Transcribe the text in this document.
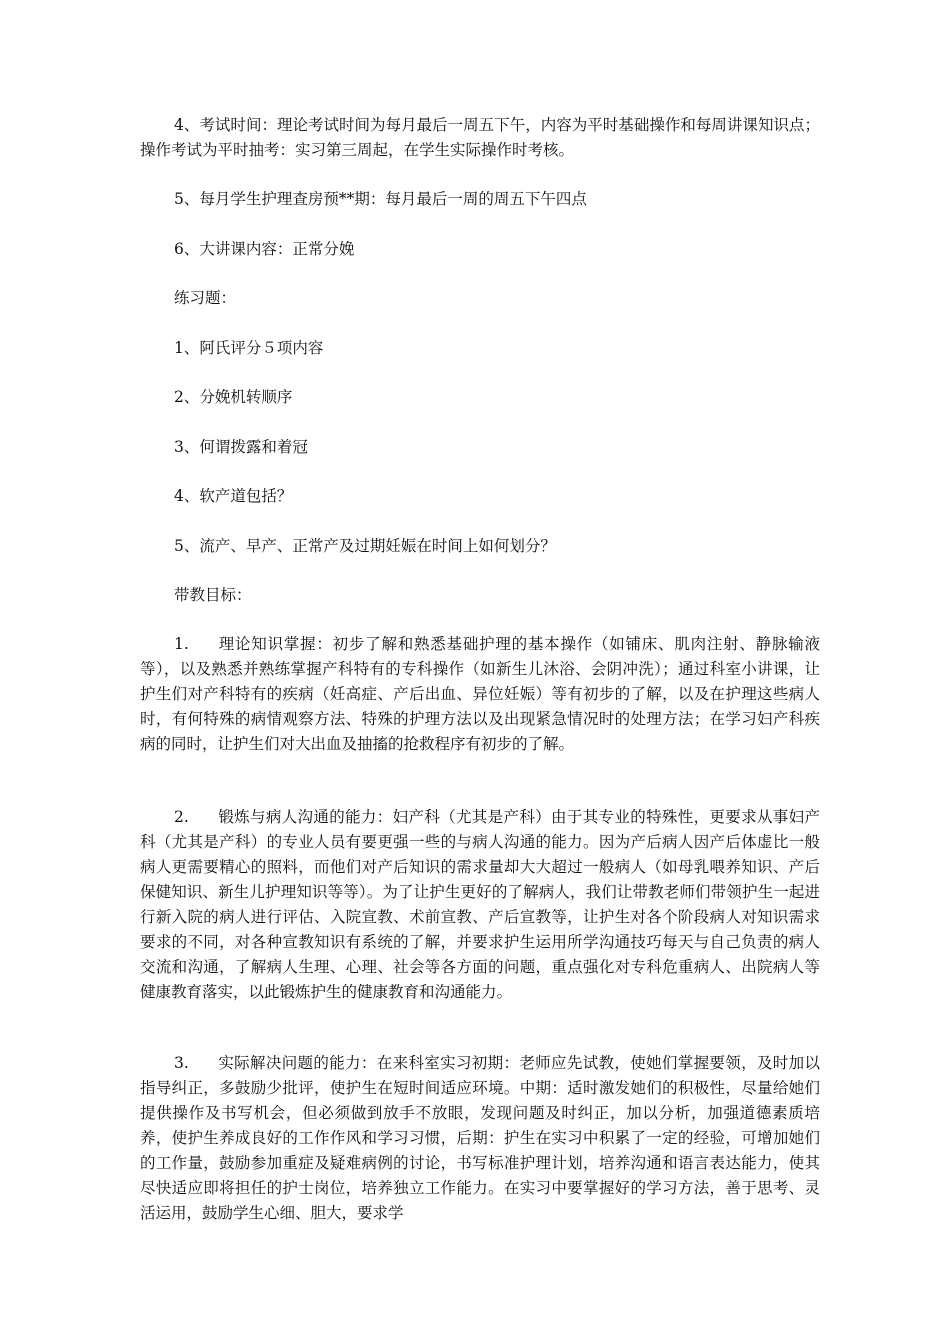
4、考试时间：理论考试时间为每月最后一周五下午，内容为平时基础操作和每周讲课知识点；操作考试为平时抽考：实习第三周起，在学生实际操作时考核。

5、每月学生护理查房预**期：每月最后一周的周五下午四点

6、大讲课内容：正常分娩

练习题：

1、阿氏评分５项内容

2、分娩机转顺序

3、何谓拨露和着冠

4、软产道包括？

5、流产、早产、正常产及过期妊娠在时间上如何划分？

带教目标：

1. 理论知识掌握：初步了解和熟悉基础护理的基本操作（如铺床、肌肉注射、静脉输液等），以及熟悉并熟练掌握产科特有的专科操作（如新生儿沐浴、会阴冲洗）；通过科室小讲课，让护生们对产科特有的疾病（妊高症、产后出血、异位妊娠）等有初步的了解，以及在护理这些病人时，有何特殊的病情观察方法、特殊的护理方法以及出现紧急情况时的处理方法；在学习妇产科疾病的同时，让护生们对大出血及抽搐的抢救程序有初步的了解。

2. 锻炼与病人沟通的能力：妇产科（尤其是产科）由于其专业的特殊性，更要求从事妇产科（尤其是产科）的专业人员有要更强一些的与病人沟通的能力。因为产后病人因产后体虚比一般病人更需要精心的照料，而他们对产后知识的需求量却大大超过一般病人（如母乳喂养知识、产后保健知识、新生儿护理知识等等）。为了让护生更好的了解病人，我们让带教老师们带领护生一起进行新入院的病人进行评估、入院宣教、术前宣教、产后宣教等，让护生对各个阶段病人对知识需求要求的不同，对各种宣教知识有系统的了解，并要求护生运用所学沟通技巧每天与自己负责的病人交流和沟通，了解病人生理、心理、社会等各方面的问题，重点强化对专科危重病人、出院病人等健康教育落实，以此锻炼护生的健康教育和沟通能力。

3. 实际解决问题的能力：在来科室实习初期：老师应先试教，使她们掌握要领，及时加以指导纠正，多鼓励少批评，使护生在短时间适应环境。中期：适时激发她们的积极性，尽量给她们提供操作及书写机会，但必须做到放手不放眼，发现问题及时纠正，加以分析，加强道德素质培养，使护生养成良好的工作作风和学习习惯，后期：护生在实习中积累了一定的经验，可增加她们的工作量，鼓励参加重症及疑难病例的讨论，书写标准护理计划，培养沟通和语言表达能力，使其尽快适应即将担任的护士岗位，培养独立工作能力。在实习中要掌握好的学习方法，善于思考、灵活运用，鼓励学生心细、胆大，要求学
